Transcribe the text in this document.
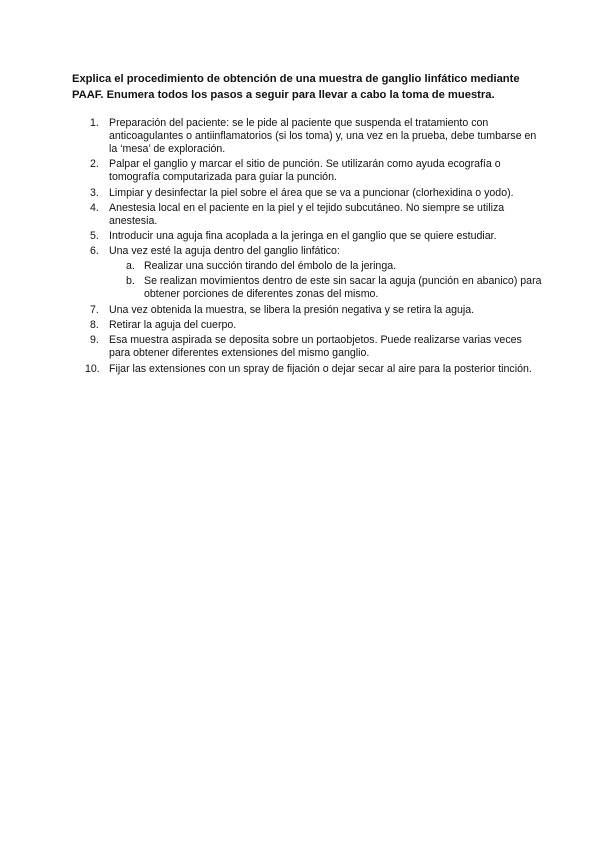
Explica el procedimiento de obtención de una muestra de ganglio linfático mediante PAAF. Enumera todos los pasos a seguir para llevar a cabo la toma de muestra.

1. Preparación del paciente: se le pide al paciente que suspenda el tratamiento con anticoagulantes o antiinflamatorios (si los toma) y, una vez en la prueba, debe tumbarse en la ‘mesa’ de exploración.
2. Palpar el ganglio y marcar el sitio de punción. Se utilizarán como ayuda ecografía o tomografía computarizada para guiar la punción.
3. Limpiar y desinfectar la piel sobre el área que se va a puncionar (clorhexidina o yodo).
4. Anestesia local en el paciente en la piel y el tejido subcutáneo. No siempre se utiliza anestesia.
5. Introducir una aguja fina acoplada a la jeringa en el ganglio que se quiere estudiar.
6. Una vez esté la aguja dentro del ganglio linfático:
a. Realizar una succión tirando del émbolo de la jeringa.
b. Se realizan movimientos dentro de este sin sacar la aguja (punción en abanico) para obtener porciones de diferentes zonas del mismo.
7. Una vez obtenida la muestra, se libera la presión negativa y se retira la aguja.
8. Retirar la aguja del cuerpo.
9. Esa muestra aspirada se deposita sobre un portaobjetos. Puede realizarse varias veces para obtener diferentes extensiones del mismo ganglio.
10. Fijar las extensiones con un spray de fijación o dejar secar al aire para la posterior tinción.
